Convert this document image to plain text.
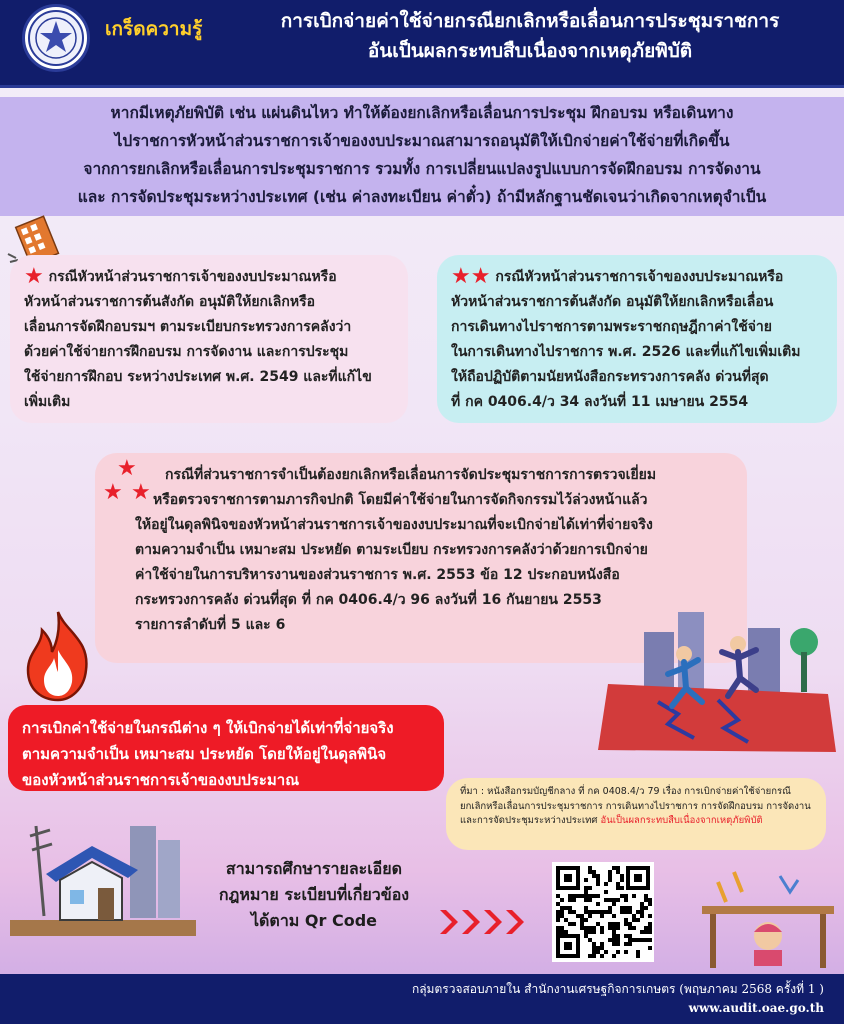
เกร็ดความรู้	การเบิกจ่ายค่าใช้จ่ายกรณียกเลิกหรือเลื่อนการประชุมราชการ
อันเป็นผลกระทบสืบเนื่องจากเหตุภัยพิบัติ
หากมีเหตุภัยพิบัติ เช่น แผ่นดินไหว ทำให้ต้องยกเลิกหรือเลื่อนการประชุม ฝึกอบรม หรือเดินทาง
ไปราชการหัวหน้าส่วนราชการเจ้าของงบประมาณสามารถอนุมัติให้เบิกจ่ายค่าใช้จ่ายที่เกิดขึ้น
จากการยกเลิกหรือเลื่อนการประชุมราชการ รวมทั้ง การเปลี่ยนแปลงรูปแบบการจัดฝึกอบรม การจัดงาน
และ การจัดประชุมระหว่างประเทศ (เช่น ค่าลงทะเบียน ค่าตั๋ว) ถ้ามีหลักฐานชัดเจนว่าเกิดจากเหตุจำเป็น
★ กรณีหัวหน้าส่วนราชการเจ้าของงบประมาณหรือ
หัวหน้าส่วนราชการต้นสังกัด อนุมัติให้ยกเลิกหรือ
เลื่อนการจัดฝึกอบรมฯ ตามระเบียบกระทรวงการคลังว่า
ด้วยค่าใช้จ่ายการฝึกอบรม การจัดงาน และการประชุม
ใช้จ่ายการฝึกอบ ระหว่างประเทศ พ.ศ. 2549 และที่แก้ไข
เพิ่มเติม
★★ กรณีหัวหน้าส่วนราชการเจ้าของงบประมาณหรือ
หัวหน้าส่วนราชการต้นสังกัด อนุมัติให้ยกเลิกหรือเลื่อน
การเดินทางไปราชการตามพระราชกฤษฎีกาค่าใช้จ่าย
ในการเดินทางไปราชการ พ.ศ. 2526 และที่แก้ไขเพิ่มเติม
ให้ถือปฏิบัติตามนัยหนังสือกระทรวงการคลัง ด่วนที่สุด
ที่ กค 0406.4/ว 34 ลงวันที่ 11 เมษายน 2554
★
★ ★
กรณีที่ส่วนราชการจำเป็นต้องยกเลิกหรือเลื่อนการจัดประชุมราชการการตรวจเยี่ยม
หรือตรวจราชการตามภารกิจปกติ โดยมีค่าใช้จ่ายในการจัดกิจกรรมไว้ล่วงหน้าแล้ว
ให้อยู่ในดุลพินิจของหัวหน้าส่วนราชการเจ้าของงบประมาณที่จะเบิกจ่ายได้เท่าที่จ่ายจริง
ตามความจำเป็น เหมาะสม ประหยัด ตามระเบียบ กระทรวงการคลังว่าด้วยการเบิกจ่าย
ค่าใช้จ่ายในการบริหารงานของส่วนราชการ พ.ศ. 2553 ข้อ 12 ประกอบหนังสือ
กระทรวงการคลัง ด่วนที่สุด ที่ กค 0406.4/ว 96 ลงวันที่ 16 กันยายน 2553
รายการลำดับที่ 5 และ 6
การเบิกค่าใช้จ่ายในกรณีต่าง ๆ ให้เบิกจ่ายได้เท่าที่จ่ายจริง
ตามความจำเป็น เหมาะสม ประหยัด โดยให้อยู่ในดุลพินิจ
ของหัวหน้าส่วนราชการเจ้าของงบประมาณ
ที่มา : หนังสือกรมบัญชีกลาง ที่ กค 0408.4/ว 79 เรื่อง การเบิกจ่ายค่าใช้จ่ายกรณียกเลิกหรือเลื่อนการประชุมราชการ การเดินทางไปราชการ การจัดฝึกอบรม การจัดงาน และการจัดประชุมระหว่างประเทศ อันเป็นผลกระทบสืบเนื่องจากเหตุภัยพิบัติ
สามารถศึกษารายละเอียด
กฎหมาย ระเบียบที่เกี่ยวข้อง
ได้ตาม Qr Code
กลุ่มตรวจสอบภายใน สำนักงานเศรษฐกิจการเกษตร (พฤษภาคม 2568 ครั้งที่ 1 )
www.audit.oae.go.th
